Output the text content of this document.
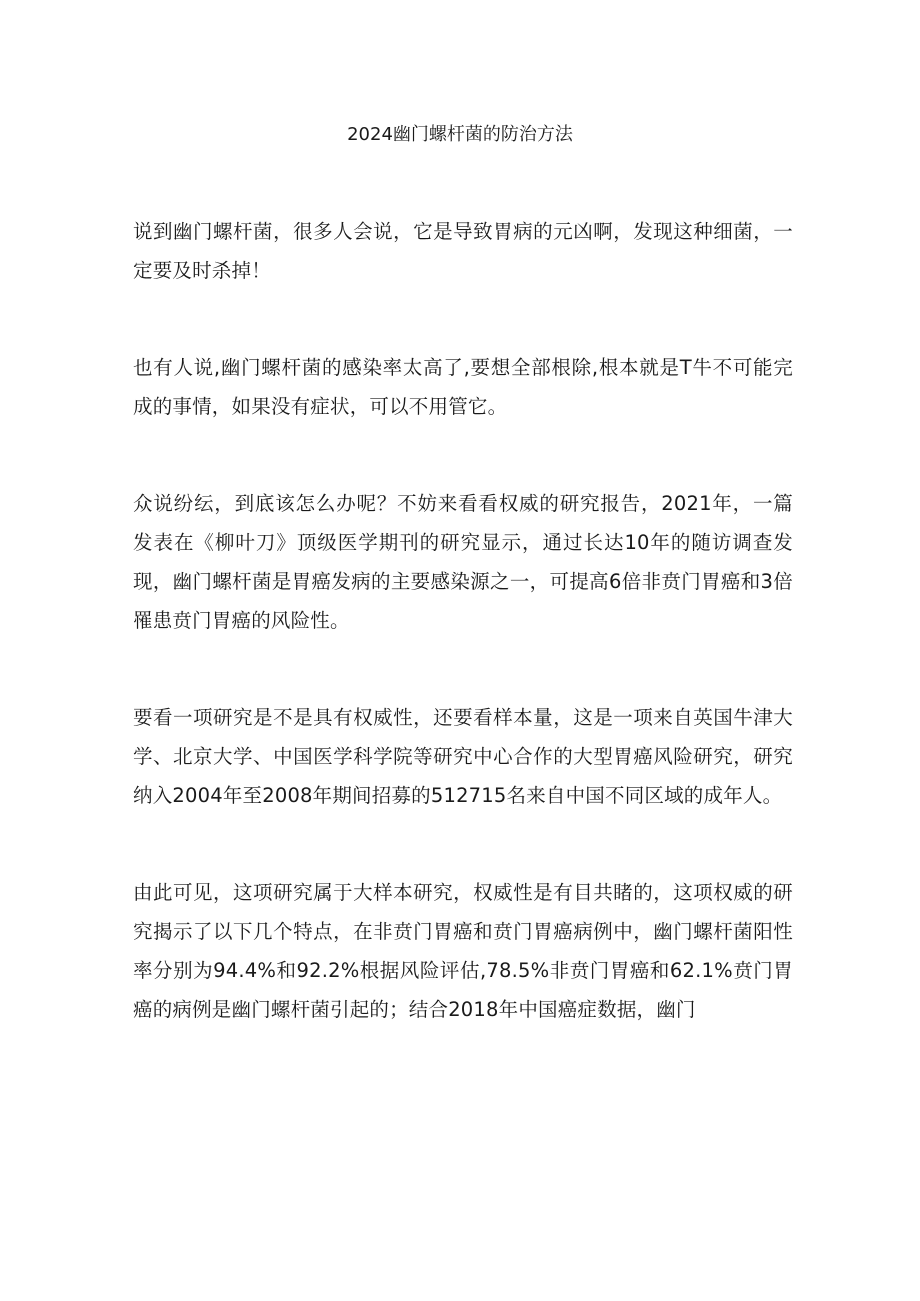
2024幽门螺杆菌的防治方法

说到幽门螺杆菌，很多人会说，它是导致胃病的元凶啊，发现这种细菌，一定要及时杀掉！

也有人说,幽门螺杆菌的感染率太高了,要想全部根除,根本就是T牛不可能完成的事情，如果没有症状，可以不用管它。

众说纷纭，到底该怎么办呢？不妨来看看权威的研究报告，2021年，一篇发表在《柳叶刀》顶级医学期刊的研究显示，通过长达10年的随访调查发现，幽门螺杆菌是胃癌发病的主要感染源之一，可提高6倍非贲门胃癌和3倍罹患贲门胃癌的风险性。

要看一项研究是不是具有权威性，还要看样本量，这是一项来自英国牛津大学、北京大学、中国医学科学院等研究中心合作的大型胃癌风险研究，研究纳入2004年至2008年期间招募的512715名来自中国不同区域的成年人。

由此可见，这项研究属于大样本研究，权威性是有目共睹的，这项权威的研究揭示了以下几个特点，在非贲门胃癌和贲门胃癌病例中，幽门螺杆菌阳性率分别为94.4%和92.2%根据风险评估,78.5%非贲门胃癌和62.1%贲门胃癌的病例是幽门螺杆菌引起的；结合2018年中国癌症数据，幽门
